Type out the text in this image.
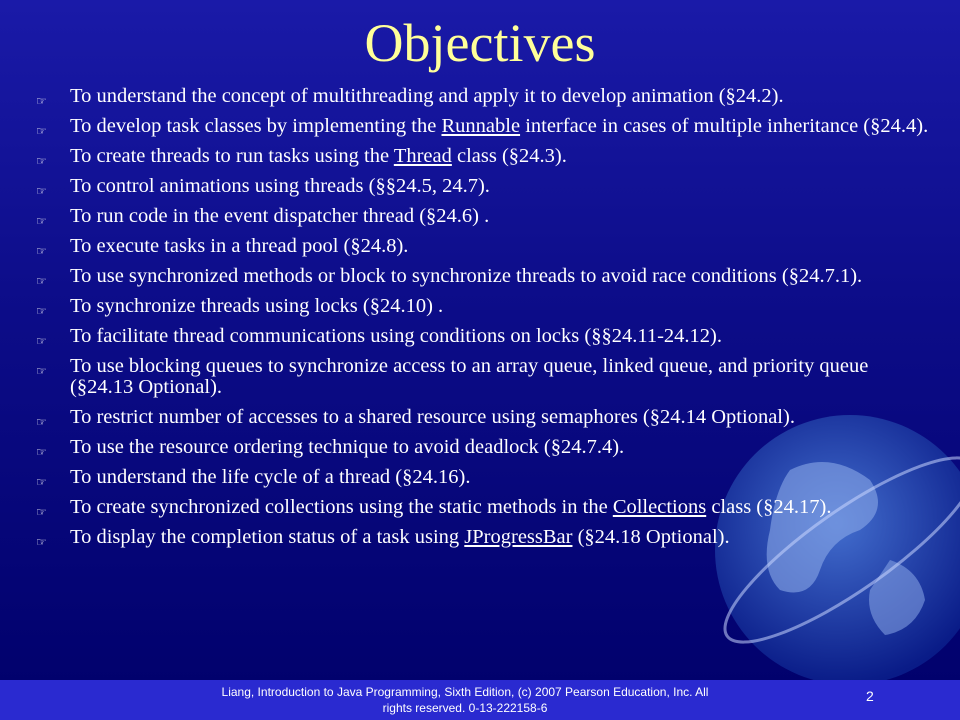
Objectives
☞ To understand the concept of multithreading and apply it to develop animation (§24.2).
☞ To develop task classes by implementing the Runnable interface in cases of multiple inheritance (§24.4).
☞ To create threads to run tasks using the Thread class (§24.3).
☞ To control animations using threads (§§24.5, 24.7).
☞ To run code in the event dispatcher thread (§24.6) .
☞ To execute tasks in a thread pool (§24.8).
☞ To use synchronized methods or block to synchronize threads to avoid race conditions (§24.7.1).
☞ To synchronize threads using locks (§24.10) .
☞ To facilitate thread communications using conditions on locks (§§24.11-24.12).
☞ To use blocking queues to synchronize access to an array queue, linked queue, and priority queue (§24.13 Optional).
☞ To restrict number of accesses to a shared resource using semaphores (§24.14 Optional).
☞ To use the resource ordering technique to avoid deadlock (§24.7.4).
☞ To understand the life cycle of a thread (§24.16).
☞ To create synchronized collections using the static methods in the Collections class (§24.17).
☞ To display the completion status of a task using JProgressBar (§24.18 Optional).
Liang, Introduction to Java Programming, Sixth Edition, (c) 2007 Pearson Education, Inc. All
rights reserved. 0-13-222158-6
2
